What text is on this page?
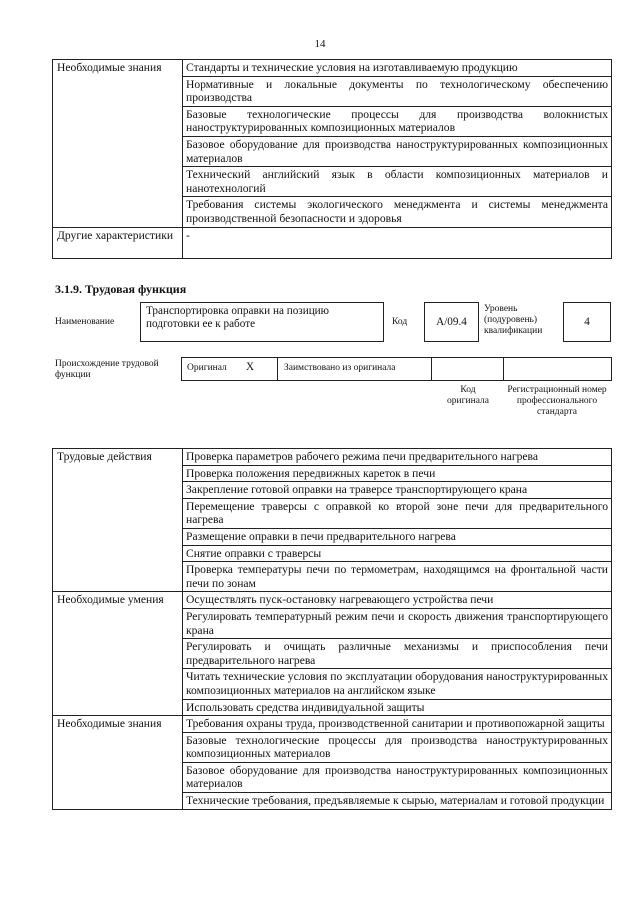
14
Необходимые знания	Стандарты и технические условия на изготавливаемую продукцию
	Нормативные и локальные документы по технологическому обеспечению производства
	Базовые технологические процессы для производства волокнистых наноструктурированных композиционных материалов
	Базовое оборудование для производства наноструктурированных композиционных материалов
	Технический английский язык в области композиционных материалов и нанотехнологий
	Требования системы экологического менеджмента и системы менеджмента производственной безопасности и здоровья
Другие характеристики	-
3.1.9. Трудовая функция
Наименование
Транспортировка оправки на позицию подготовки ее к работе	Код	А/09.4
Уровень (подуровень) квалификации
4
Происхождение трудовой функции
Оригинал X	Заимствовано из оригинала
Код оригинала
Регистрационный номер профессионального стандарта
Трудовые действия	Проверка параметров рабочего режима печи предварительного нагрева
	Проверка положения передвижных кареток в печи
	Закрепление готовой оправки на траверсе транспортирующего крана
	Перемещение траверсы с оправкой ко второй зоне печи для предварительного нагрева
	Размещение оправки в печи предварительного нагрева
	Снятие оправки с траверсы
	Проверка температуры печи по термометрам, находящимся на фронтальной части печи по зонам
Необходимые умения	Осуществлять пуск-остановку нагревающего устройства печи
	Регулировать температурный режим печи и скорость движения транспортирующего крана
	Регулировать и очищать различные механизмы и приспособления печи предварительного нагрева
	Читать технические условия по эксплуатации оборудования наноструктурированных композиционных материалов на английском языке
	Использовать средства индивидуальной защиты
Необходимые знания	Требования охраны труда, производственной санитарии и противопожарной защиты
	Базовые технологические процессы для производства наноструктурированных композиционных материалов
	Базовое оборудование для производства наноструктурированных композиционных материалов
	Технические требования, предъявляемые к сырью, материалам и готовой продукции
